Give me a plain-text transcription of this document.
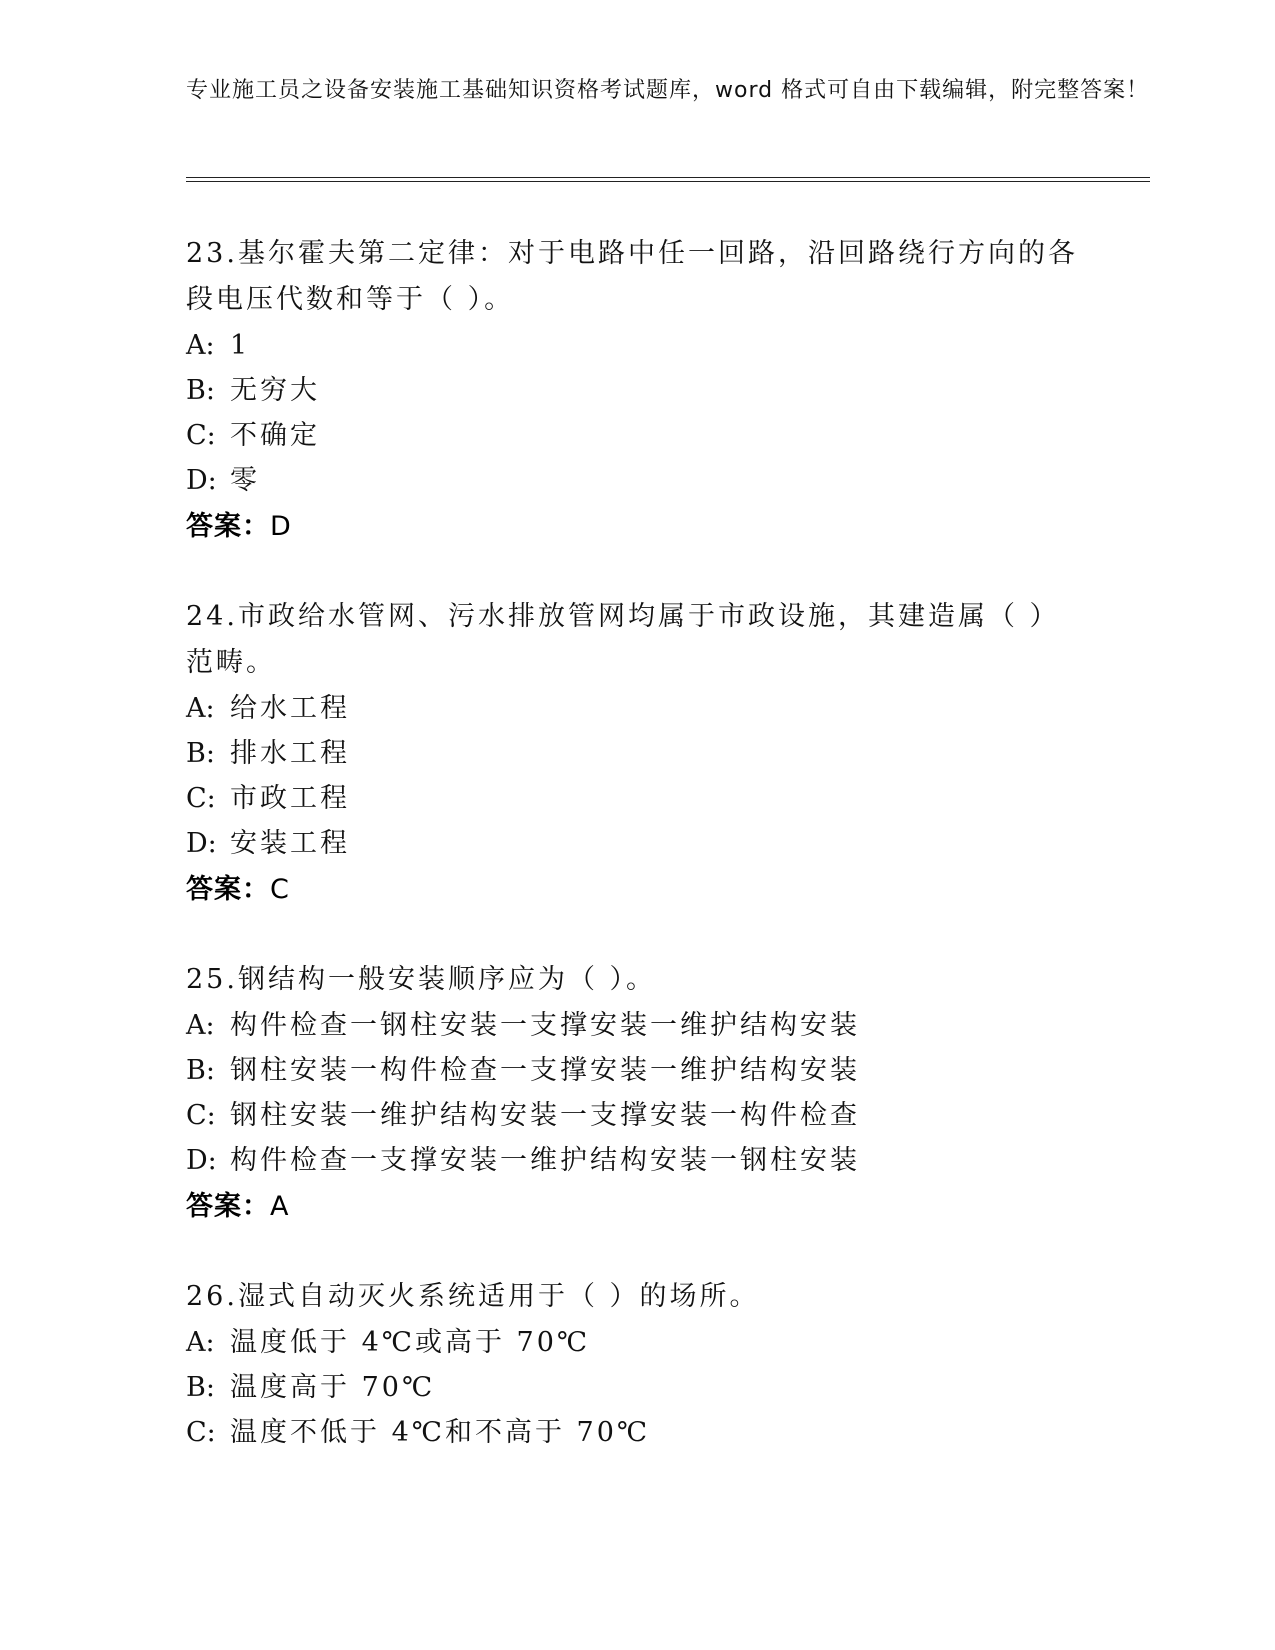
专业施工员之设备安装施工基础知识资格考试题库，word 格式可自由下载编辑，附完整答案！
23.基尔霍夫第二定律：对于电路中任一回路，沿回路绕行方向的各段电压代数和等于（ ）。
A: 1
B: 无穷大
C: 不确定
D: 零
答案：D
24.市政给水管网、污水排放管网均属于市政设施，其建造属（ ）范畴。
A: 给水工程
B: 排水工程
C: 市政工程
D: 安装工程
答案：C
25.钢结构一般安装顺序应为（ ）。
A: 构件检查一钢柱安装一支撑安装一维护结构安装
B: 钢柱安装一构件检查一支撑安装一维护结构安装
C: 钢柱安装一维护结构安装一支撑安装一构件检查
D: 构件检查一支撑安装一维护结构安装一钢柱安装
答案：A
26.湿式自动灭火系统适用于（ ）的场所。
A: 温度低于 4℃或高于 70℃
B: 温度高于 70℃
C: 温度不低于 4℃和不高于 70℃
